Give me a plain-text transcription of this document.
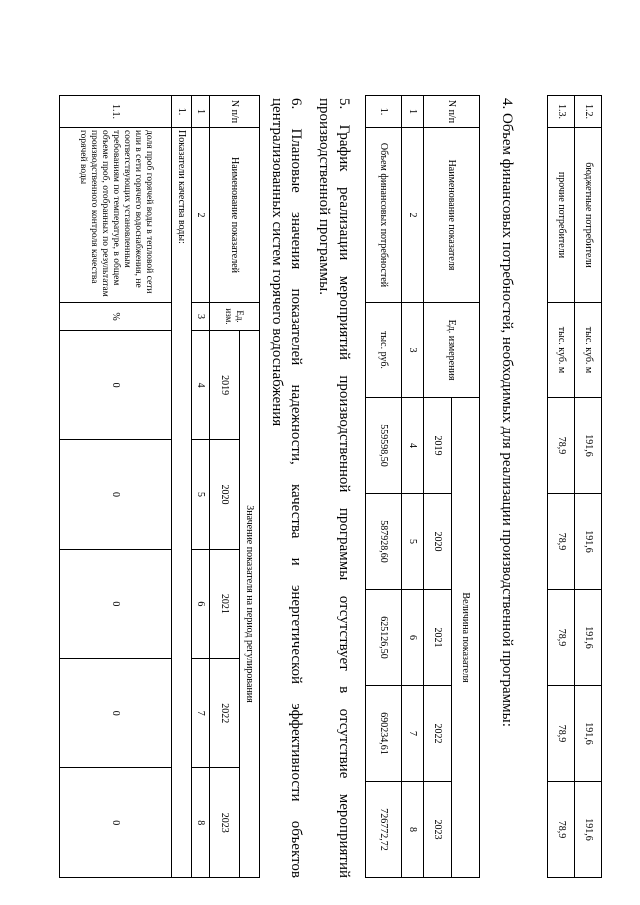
1.2.	бюджетные потребители	тыс. куб. м	191,6	191,6	191,6	191,6	191,6
1.3.	прочие потребители	тыс. куб. м	78,9	78,9	78,9	78,9	78,9
4. Объем финансовых потребностей, необходимых для реализации производственной программы:
N п/п	Наименование показателя	Ед. измерения	Величина показателя				
			2019	2020	2021	2022	2023
1	2	3	4	5	6	7	8
1.	Объем финансовых потребностей	тыс. руб.	559598,50	587928,60	625126,50	690234,61	726772,72
5. График реализации мероприятий производственной программы отсутствует в отсутствие мероприятий
производственной программы.
6. Плановые значения показателей надежности, качества и энергетической эффективности объектов
централизованных систем горячего водоснабжения
N п/п	Наименование показателей	Ед. изм.	Значение показателя на период регулирования				
			2019	2020	2021	2022	2023
1	2	3	4	5	6	7	8
1.	Показатели качества воды:						
1.1.	доля проб горячей воды в тепловой сети или в сети горячего водоснабжения, не соответствующих установленным требованиям по температуре, в общем объеме проб, отобранных по результатам производственного контроля качества горячей воды	%	0	0	0	0	0
